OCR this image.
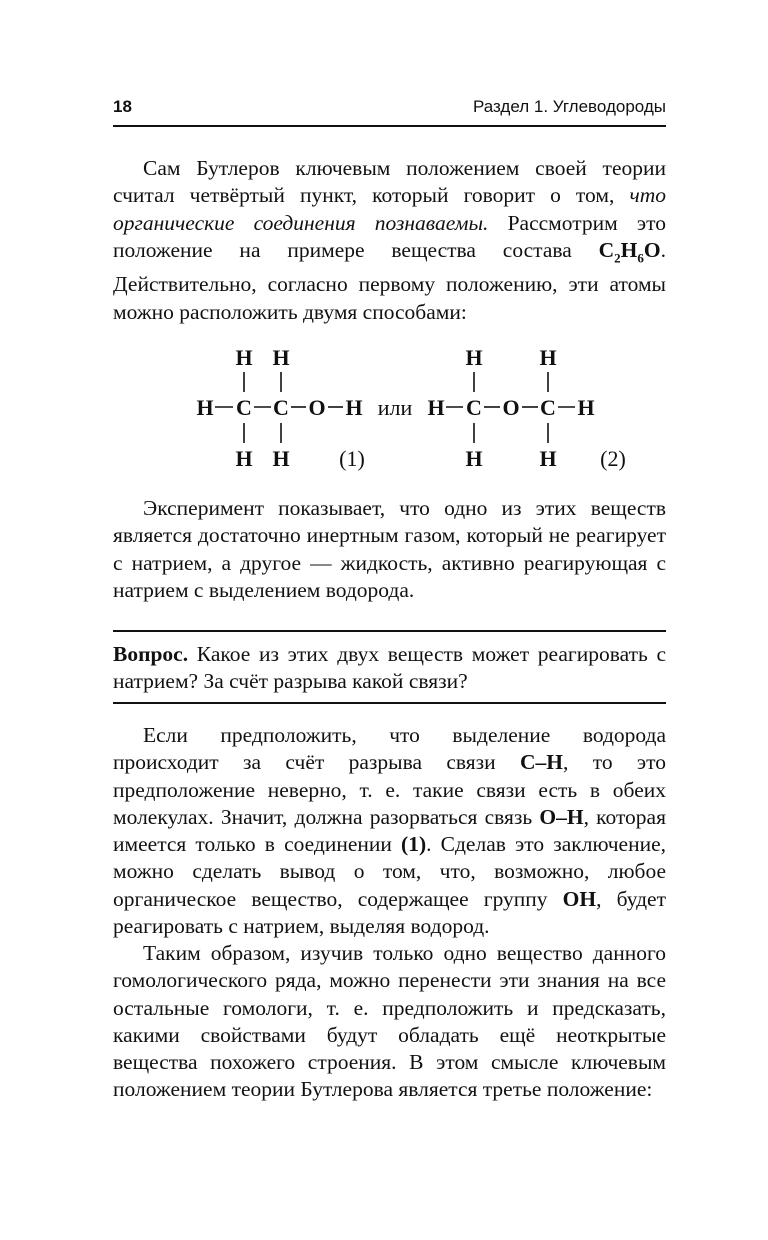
18	Раздел 1. Углеводороды

Сам Бутлеров ключевым положением своей теории считал четвёртый пункт, который говорит о том, что органические соединения познаваемы. Рассмотрим это положение на примере вещества состава $C_2H_6O$. Действительно, согласно первому положению, эти атомы можно расположить двумя способами:

H H
H C C O H
H H (1)
или
H	H
H C O C H
H	H (2)

Эксперимент показывает, что одно из этих веществ является достаточно инертным газом, который не реагирует с натрием, а другое — жидкость, активно реагирующая с натрием с выделением водорода.

Вопрос. Какое из этих двух веществ может реагировать с натрием? За счёт разрыва какой связи?

Если предположить, что выделение водорода происходит за счёт разрыва связи C–H, то это предположение неверно, т. е. такие связи есть в обеих молекулах. Значит, должна разорваться связь O–H, которая имеется только в соединении (1). Сделав это заключение, можно сделать вывод о том, что, возможно, любое органическое вещество, содержащее группу OH, будет реагировать с натрием, выделяя водород.

Таким образом, изучив только одно вещество данного гомологического ряда, можно перенести эти знания на все остальные гомологи, т. е. предположить и предсказать, какими свойствами будут обладать ещё неоткрытые вещества похожего строения. В этом смысле ключевым положением теории Бутлерова является третье положение:
